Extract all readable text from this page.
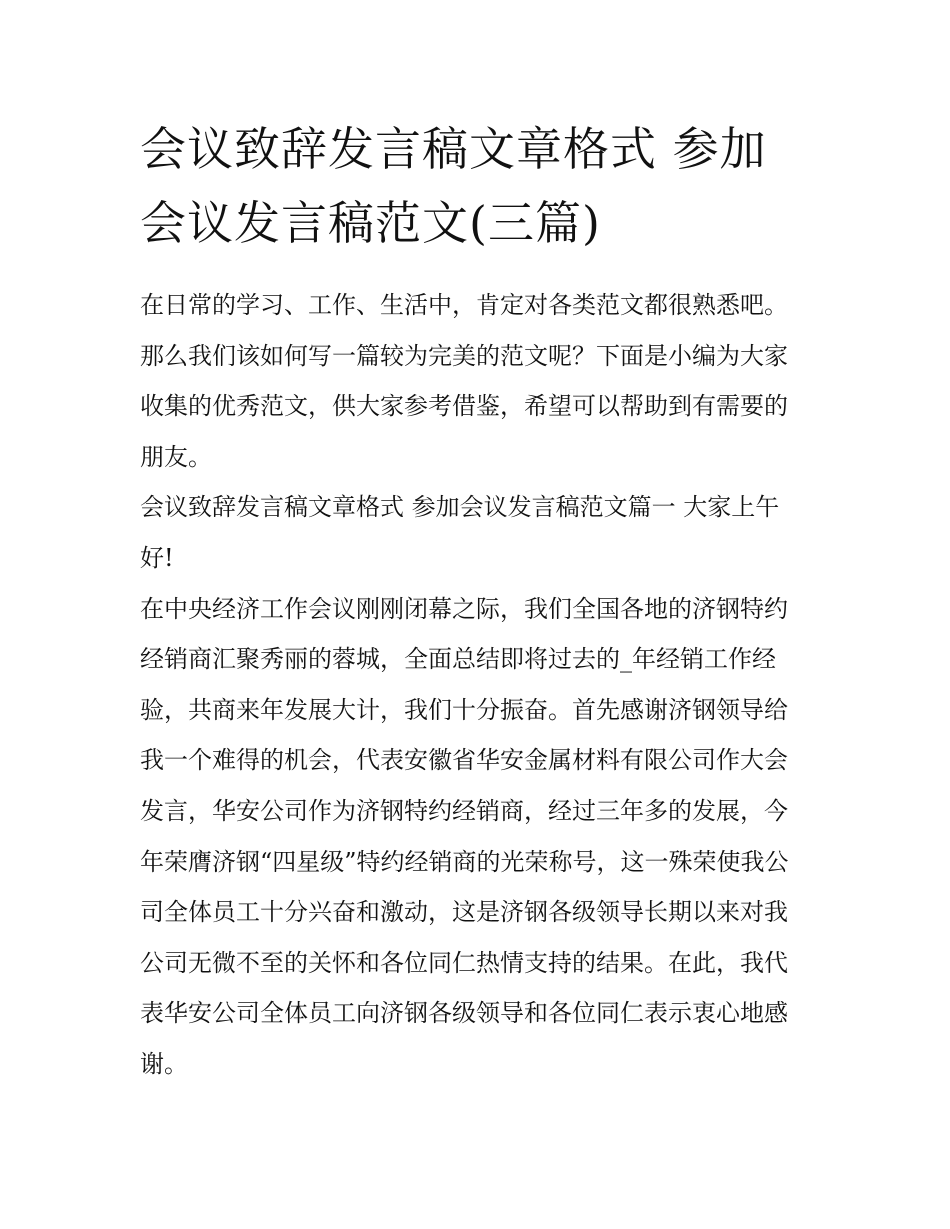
会议致辞发言稿文章格式 参加
会议发言稿范文(三篇)
在日常的学习、工作、生活中，肯定对各类范文都很熟悉吧。
那么我们该如何写一篇较为完美的范文呢？下面是小编为大家
收集的优秀范文，供大家参考借鉴，希望可以帮助到有需要的
朋友。
会议致辞发言稿文章格式 参加会议发言稿范文篇一 大家上午
好!
在中央经济工作会议刚刚闭幕之际，我们全国各地的济钢特约
经销商汇聚秀丽的蓉城，全面总结即将过去的_年经销工作经
验，共商来年发展大计，我们十分振奋。首先感谢济钢领导给
我一个难得的机会，代表安徽省华安金属材料有限公司作大会
发言，华安公司作为济钢特约经销商，经过三年多的发展，今
年荣膺济钢“四星级”特约经销商的光荣称号，这一殊荣使我公
司全体员工十分兴奋和激动，这是济钢各级领导长期以来对我
公司无微不至的关怀和各位同仁热情支持的结果。在此，我代
表华安公司全体员工向济钢各级领导和各位同仁表示衷心地感
谢。
